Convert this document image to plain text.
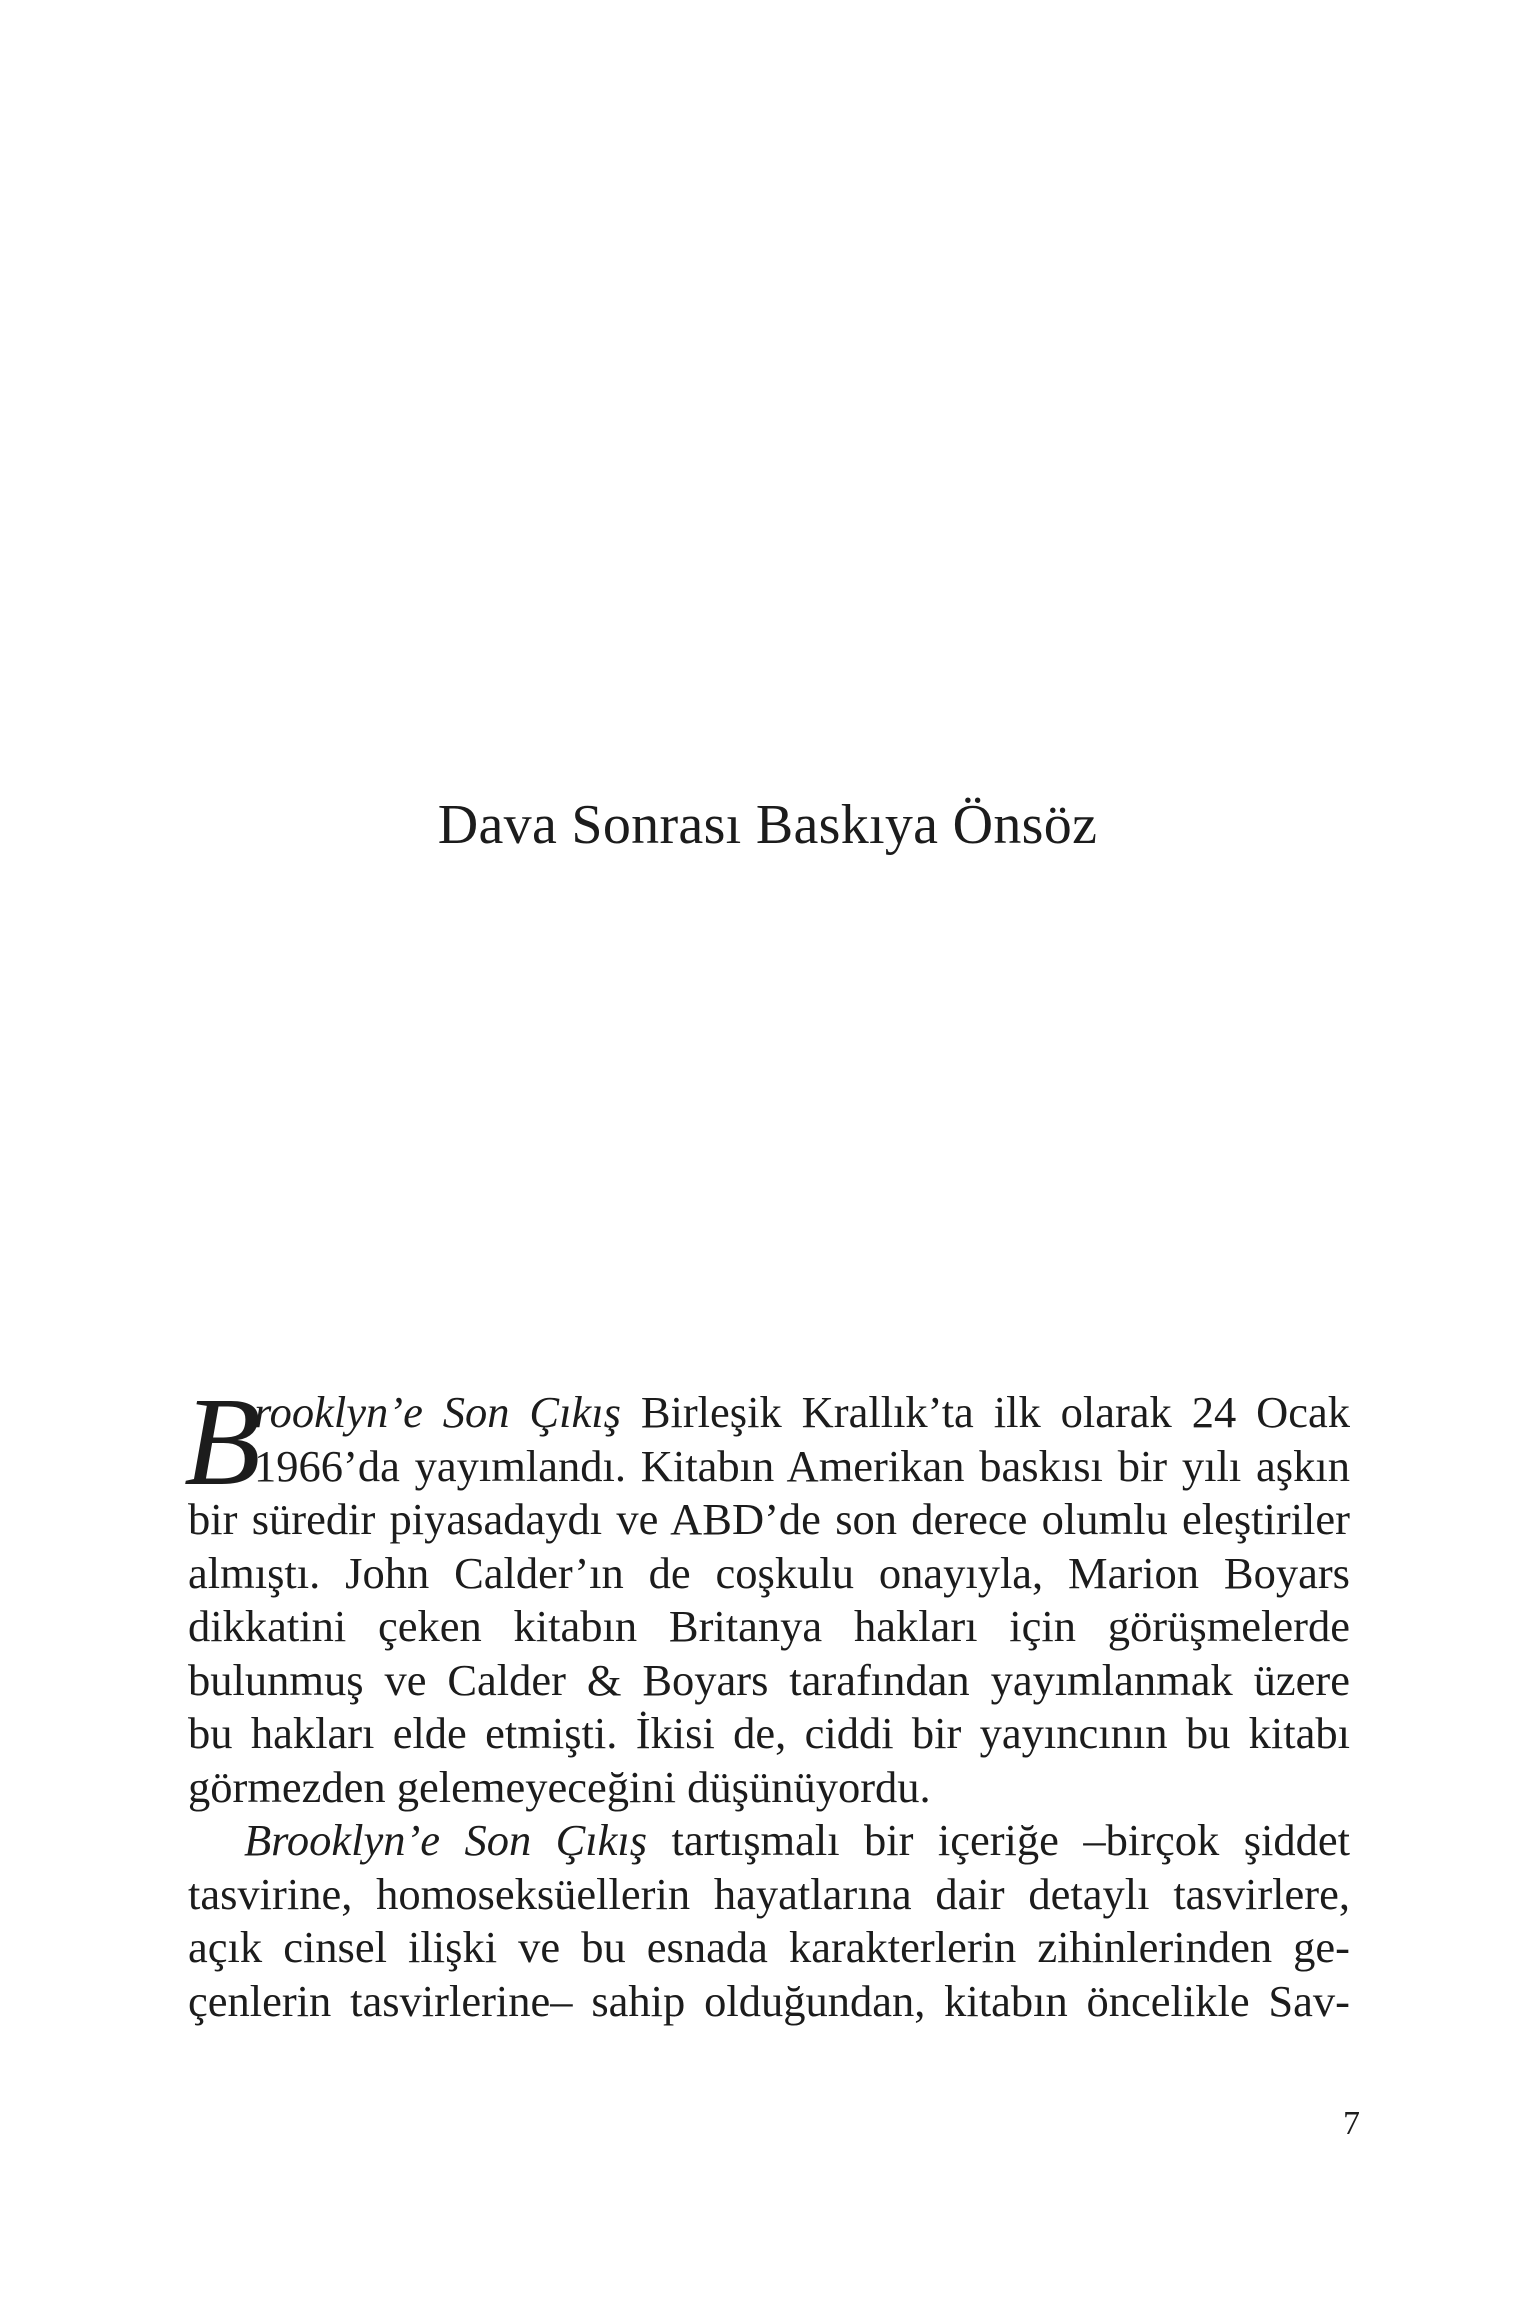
Dava Sonrası Baskıya Önsöz
B
rooklyn’e Son Çıkış Birleşik Krallık’ta ilk olarak 24 Ocak
1966’da yayımlandı. Kitabın Amerikan baskısı bir yılı aşkın
bir süredir piyasadaydı ve ABD’de son derece olumlu eleştiriler
almıştı. John Calder’ın de coşkulu onayıyla, Marion Boyars
dikkatini çeken kitabın Britanya hakları için görüşmelerde
bulunmuş ve Calder & Boyars tarafından yayımlanmak üzere
bu hakları elde etmişti. İkisi de, ciddi bir yayıncının bu kitabı
görmezden gelemeyeceğini düşünüyordu.
Brooklyn’e Son Çıkış tartışmalı bir içeriğe –birçok şiddet
tasvirine, homoseksüellerin hayatlarına dair detaylı tasvirlere,
açık cinsel ilişki ve bu esnada karakterlerin zihinlerinden ge-
çenlerin tasvirlerine– sahip olduğundan, kitabın öncelikle Sav-
7
